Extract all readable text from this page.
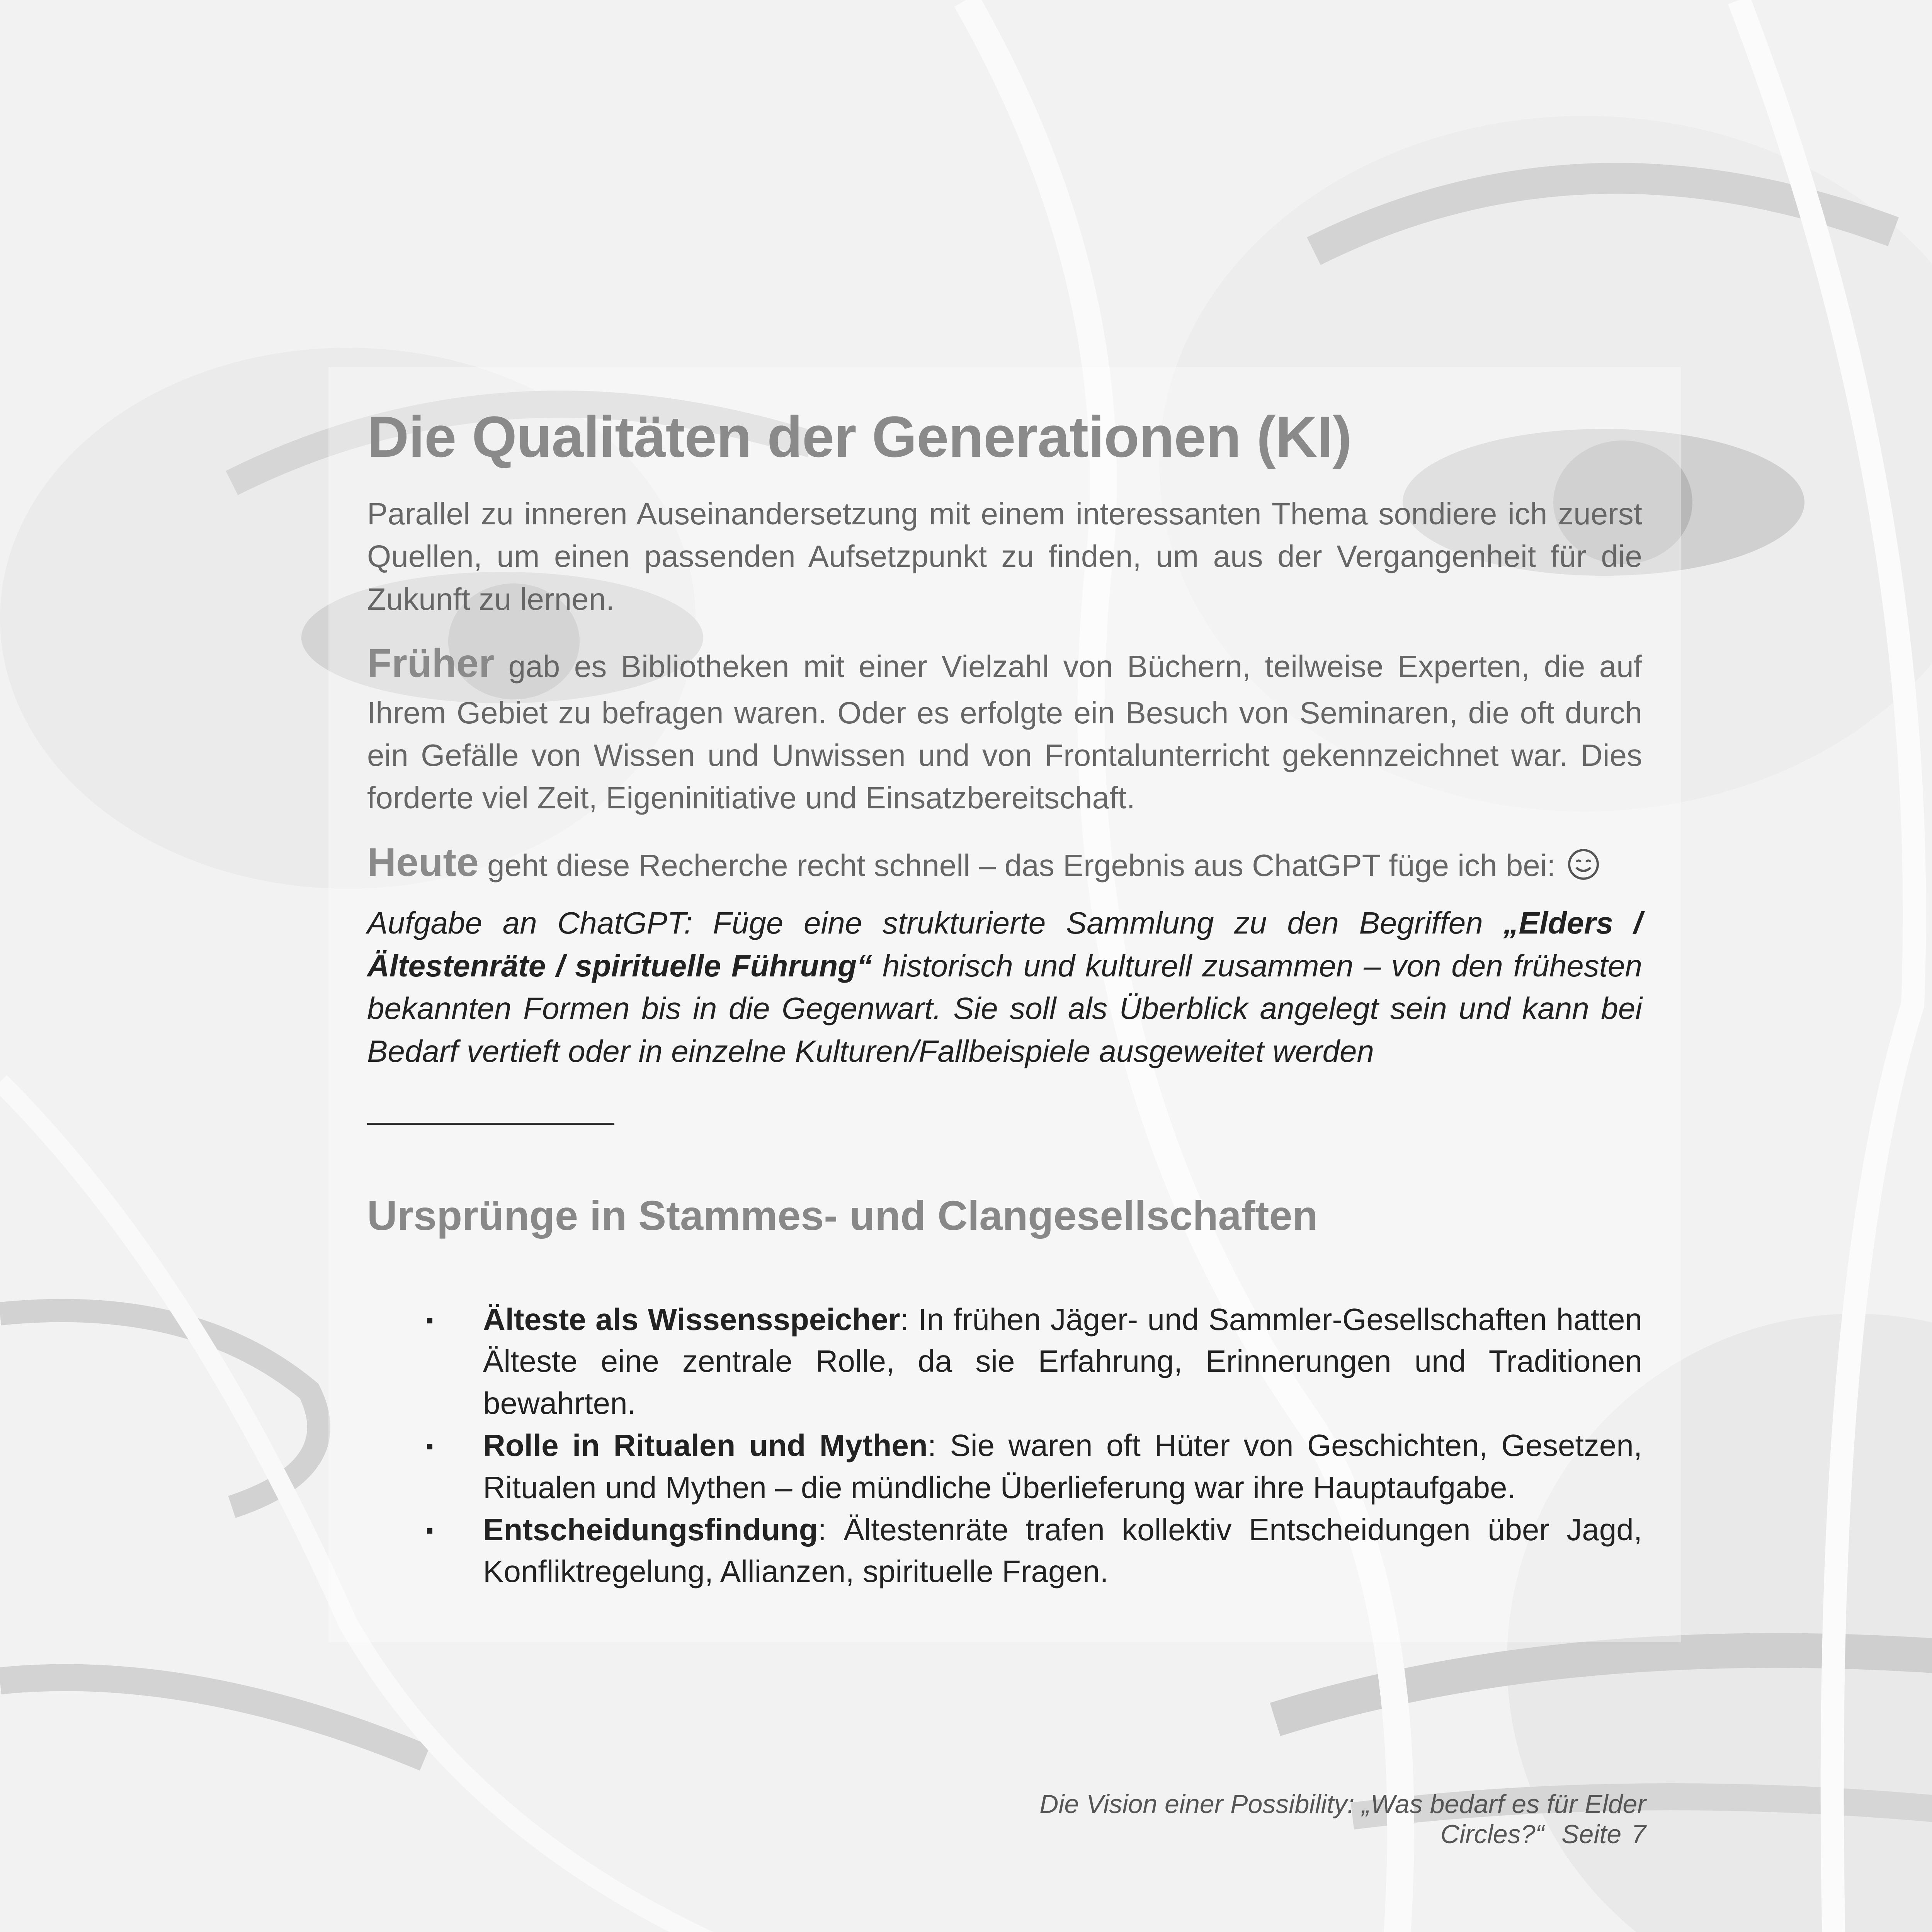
Die Qualitäten der Generationen (KI)

Parallel zu inneren Auseinandersetzung mit einem interessanten Thema sondiere ich zuerst Quellen, um einen passenden Aufsetzpunkt zu finden, um aus der Vergangenheit für die Zukunft zu lernen.

Früher gab es Bibliotheken mit einer Vielzahl von Büchern, teilweise Experten, die auf Ihrem Gebiet zu befragen waren. Oder es erfolgte ein Besuch von Seminaren, die oft durch ein Gefälle von Wissen und Unwissen und von Frontalunterricht gekennzeichnet war. Dies forderte viel Zeit, Eigeninitiative und Einsatzbereitschaft.

Heute geht diese Recherche recht schnell – das Ergebnis aus ChatGPT füge ich bei:

Aufgabe an ChatGPT: Füge eine strukturierte Sammlung zu den Begriffen „Elders / Ältestenräte / spirituelle Führung“ historisch und kulturell zusammen – von den frühesten bekannten Formen bis in die Gegenwart. Sie soll als Überblick angelegt sein und kann bei Bedarf vertieft oder in einzelne Kulturen/Fallbeispiele ausgeweitet werden

Ursprünge in Stammes- und Clangesellschaften
Älteste als Wissensspeicher: In frühen Jäger- und Sammler-Gesellschaften hatten Älteste eine zentrale Rolle, da sie Erfahrung, Erinnerungen und Traditionen bewahrten.
Rolle in Ritualen und Mythen: Sie waren oft Hüter von Geschichten, Gesetzen, Ritualen und Mythen – die mündliche Überlieferung war ihre Hauptaufgabe.
Entscheidungsfindung: Ältestenräte trafen kollektiv Entscheidungen über Jagd, Konfliktregelung, Allianzen, spirituelle Fragen.
Die Vision einer Possibility: „Was bedarf es für Elder Circles?“ Seite 7
